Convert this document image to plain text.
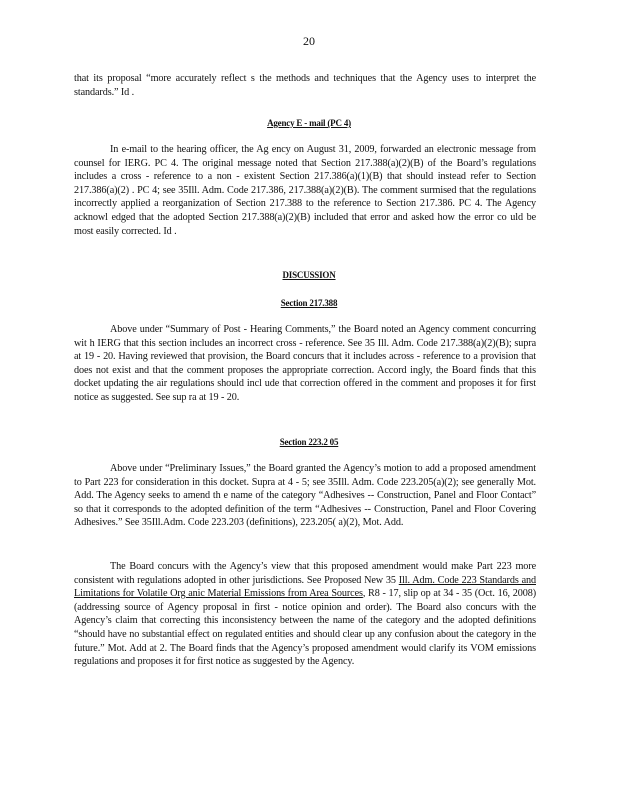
20
that its proposal “more accurately reflect s the methods and techniques that the Agency uses to interpret the standards.” Id .
Agency E - mail (PC 4)
In e-mail to the hearing officer, the Ag ency on August 31, 2009, forwarded an electronic message from counsel for IERG. PC 4. The original message noted that Section 217.388(a)(2)(B) of the Board’s regulations includes a cross - reference to a non - existent Section 217.386(a)(1)(B) that should instead refer to Section 217.386(a)(2) . PC 4; see 35Ill. Adm. Code 217.386, 217.388(a)(2)(B). The comment surmised that the regulations incorrectly applied a reorganization of Section 217.388 to the reference to Section 217.386. PC 4. The Agency acknowl edged that the adopted Section 217.388(a)(2)(B) included that error and asked how the error co uld be most easily corrected. Id .
DISCUSSION
Section 217.388
Above under “Summary of Post - Hearing Comments,” the Board noted an Agency comment concurring wit h IERG that this section includes an incorrect cross - reference. See 35 Ill. Adm. Code 217.388(a)(2)(B); supra at 19 - 20. Having reviewed that provision, the Board concurs that it includes across - reference to a provision that does not exist and that the comment proposes the appropriate correction. Accord ingly, the Board finds that this docket updating the air regulations should incl ude that correction offered in the comment and proposes it for first notice as suggested. See sup ra at 19 - 20.
Section 223.2 05
Above under “Preliminary Issues,” the Board granted the Agency’s motion to add a proposed amendment to Part 223 for consideration in this docket. Supra at 4 - 5; see 35Ill. Adm. Code 223.205(a)(2); see generally Mot. Add. The Agency seeks to amend th e name of the category “Adhesives -- Construction, Panel and Floor Contact” so that it corresponds to the adopted definition of the term “Adhesives -- Construction, Panel and Floor Covering Adhesives.” See 35Ill.Adm. Code 223.203 (definitions), 223.205( a)(2), Mot. Add.
The Board concurs with the Agency’s view that this proposed amendment would make Part 223 more consistent with regulations adopted in other jurisdictions. See Proposed New 35 Ill. Adm. Code 223 Standards and Limitations for Volatile Org anic Material Emissions from Area Sources, R8 - 17, slip op at 34 - 35 (Oct. 16, 2008) (addressing source of Agency proposal in first - notice opinion and order). The Board also concurs with the Agency’s claim that correcting this inconsistency between the name of the category and the adopted definitions “should have no substantial effect on regulated entities and should clear up any confusion about the category in the future.” Mot. Add at 2. The Board finds that the Agency’s proposed amendment would clarify its VOM emissions regulations and proposes it for first notice as suggested by the Agency.
